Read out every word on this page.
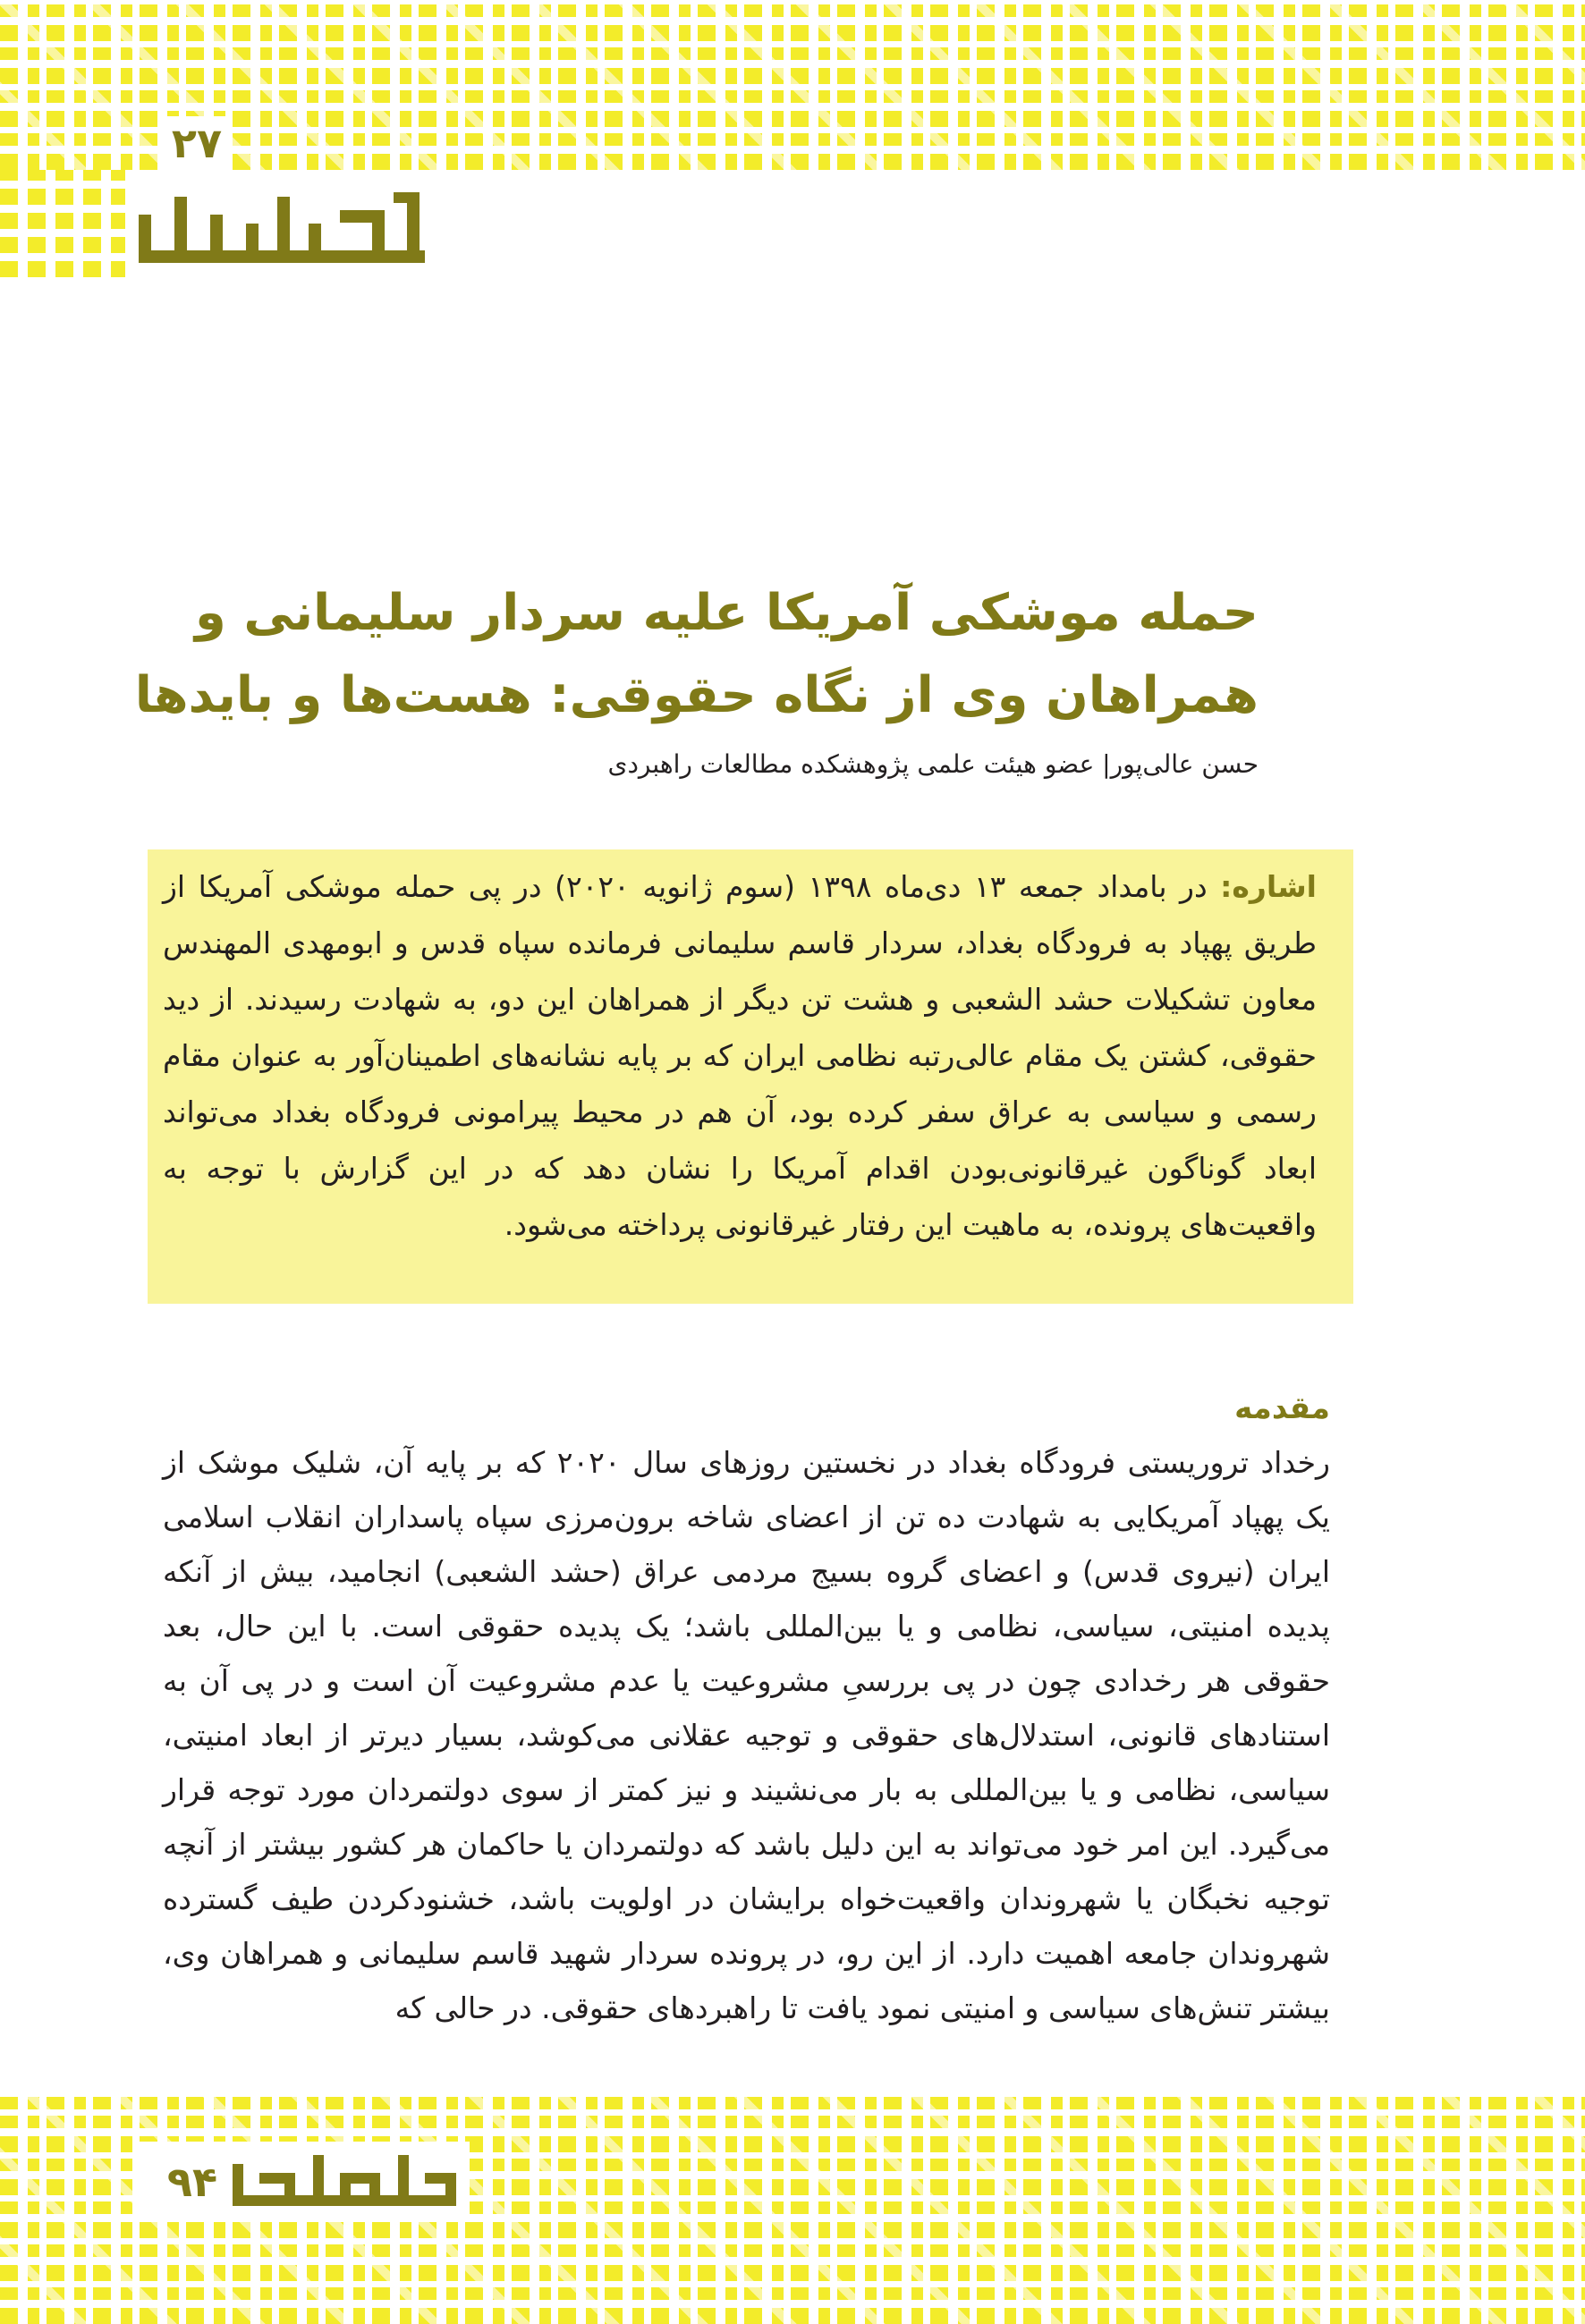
۲۷
حمله موشکی آمریکا علیه سردار سلیمانی و همراهان وی از نگاه حقوقی: هست‌ها و بایدها
حسن عالی‌پور| عضو هیئت علمی پژوهشکده مطالعات راهبردی
اشاره: در بامداد جمعه ۱۳ دی‌ماه ۱۳۹۸ (سوم ژانویه ۲۰۲۰) در پی حمله موشکی آمریکا از طریق پهپاد به فرودگاه بغداد، سردار قاسم سلیمانی فرمانده سپاه قدس و ابومهدی المهندس معاون تشکیلات حشد الشعبی و هشت تن دیگر از همراهان این دو، به شهادت رسیدند. از دید حقوقی، کشتن یک مقام عالی‌رتبه نظامی ایران که بر پایه نشانه‌های اطمینان‌آور به عنوان مقام رسمی و سیاسی به عراق سفر کرده بود، آن هم در محیط پیرامونی فرودگاه بغداد می‌تواند ابعاد گوناگون غیرقانونی‌بودن اقدام آمریکا را نشان دهد که در این گزارش با توجه به واقعیت‌های پرونده، به ماهیت این رفتار غیرقانونی پرداخته می‌شود.
مقدمه
رخداد تروریستی فرودگاه بغداد در نخستین روزهای سال ۲۰۲۰ که بر پایه آن، شلیک موشک از یک پهپاد آمریکایی به شهادت ده تن از اعضای شاخه برون‌مرزی سپاه پاسداران انقلاب اسلامی ایران (نیروی قدس) و اعضای گروه بسیج مردمی عراق (حشد الشعبی) انجامید، بیش از آنکه پدیده امنیتی، سیاسی، نظامی و یا بین‌المللی باشد؛ یک پدیده حقوقی است. با این حال، بعد حقوقی هر رخدادی چون در پی بررسیِ مشروعیت یا عدم مشروعیت آن است و در پی آن به استنادهای قانونی، استدلال‌های حقوقی و توجیه عقلانی می‌کوشد، بسیار دیرتر از ابعاد امنیتی، سیاسی، نظامی و یا بین‌المللی به بار می‌نشیند و نیز کمتر از سوی دولتمردان مورد توجه قرار می‌گیرد. این امر خود می‌تواند به این دلیل باشد که دولتمردان یا حاکمان هر کشور بیشتر از آنچه توجیه نخبگان یا شهروندان واقعیت‌خواه برایشان در اولویت باشد، خشنودکردن طیف گسترده شهروندان جامعه اهمیت دارد. از این رو، در پرونده سردار شهید قاسم سلیمانی و همراهان وی، بیشتر تنش‌های سیاسی و امنیتی نمود یافت تا راهبردهای حقوقی. در حالی که
۹۴
